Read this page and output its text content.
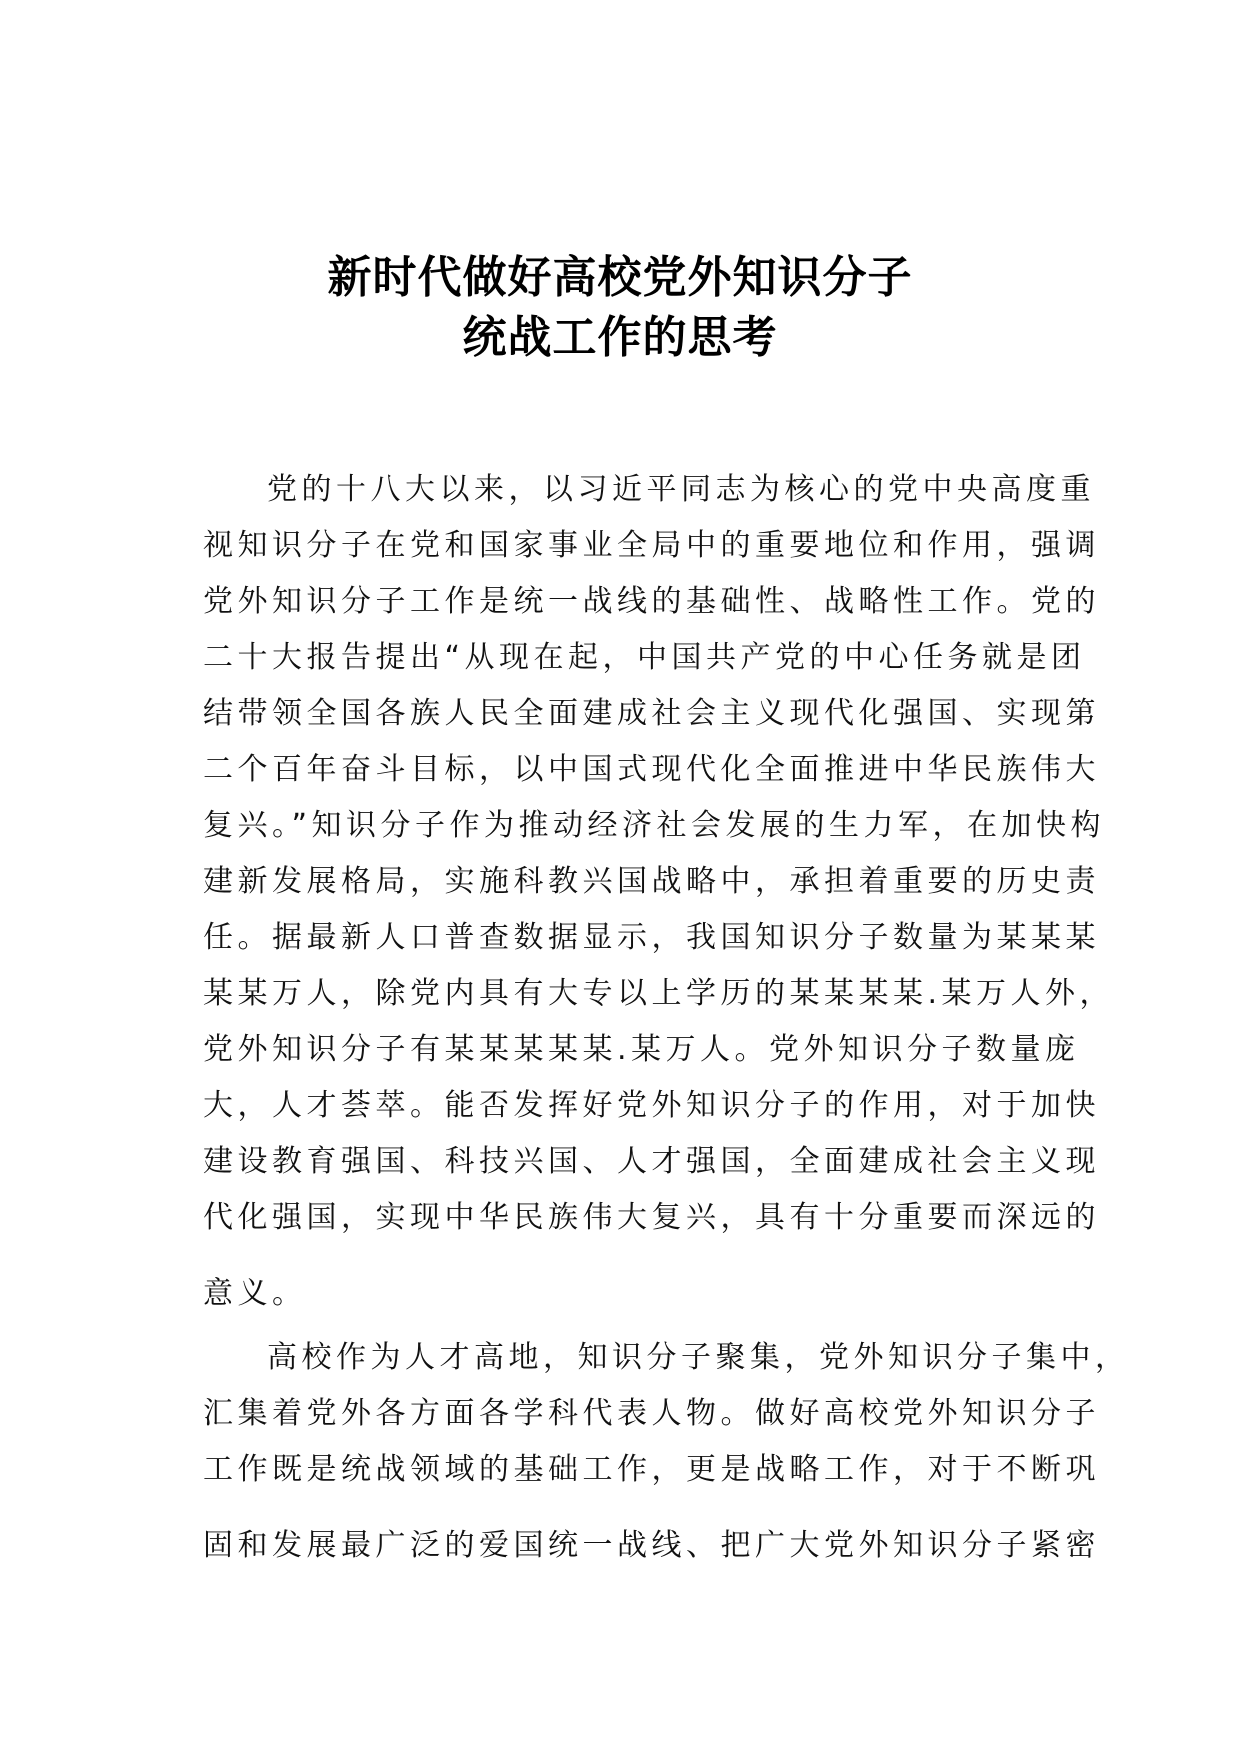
新时代做好高校党外知识分子
统战工作的思考
党的十八大以来，以习近平同志为核心的党中央高度重
视知识分子在党和国家事业全局中的重要地位和作用，强调
党外知识分子工作是统一战线的基础性、战略性工作。党的
二十大报告提出“从现在起，中国共产党的中心任务就是团
结带领全国各族人民全面建成社会主义现代化强国、实现第
二个百年奋斗目标，以中国式现代化全面推进中华民族伟大
复兴。”知识分子作为推动经济社会发展的生力军，在加快构
建新发展格局，实施科教兴国战略中，承担着重要的历史责
任。据最新人口普查数据显示，我国知识分子数量为某某某
某某万人，除党内具有大专以上学历的某某某某.某万人外，
党外知识分子有某某某某某.某万人。党外知识分子数量庞
大，人才荟萃。能否发挥好党外知识分子的作用，对于加快
建设教育强国、科技兴国、人才强国，全面建成社会主义现
代化强国，实现中华民族伟大复兴，具有十分重要而深远的
意义。
高校作为人才高地，知识分子聚集，党外知识分子集中，
汇集着党外各方面各学科代表人物。做好高校党外知识分子
工作既是统战领域的基础工作，更是战略工作，对于不断巩
固和发展最广泛的爱国统一战线、把广大党外知识分子紧密
